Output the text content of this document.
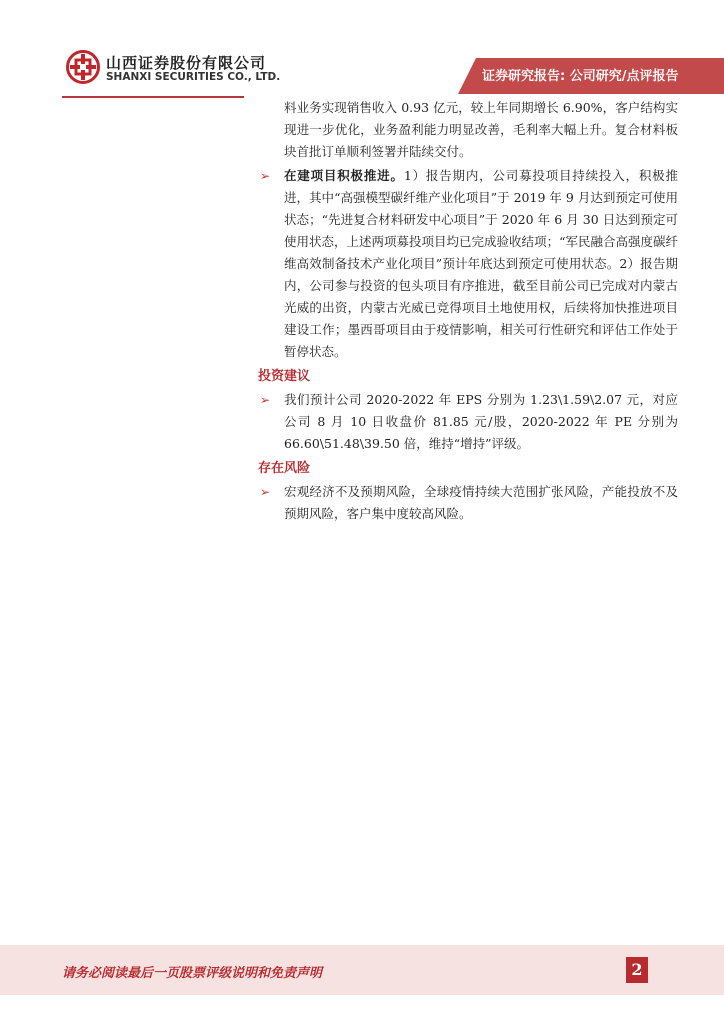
山西证券股份有限公司
SHANXI SECURITIES CO., LTD.	证券研究报告: 公司研究/点评报告

料业务实现销售收入 0.93 亿元，较上年同期增长 6.90%，客户结构实现进一步优化，业务盈利能力明显改善，毛利率大幅上升。复合材料板块首批订单顺利签署并陆续交付。

➢ 在建项目积极推进。1）报告期内，公司募投项目持续投入，积极推进，其中“高强模型碳纤维产业化项目”于 2019 年 9 月达到预定可使用状态；“先进复合材料研发中心项目”于 2020 年 6 月 30 日达到预定可使用状态，上述两项募投项目均已完成验收结项；“军民融合高强度碳纤维高效制备技术产业化项目”预计年底达到预定可使用状态。2）报告期内，公司参与投资的包头项目有序推进，截至目前公司已完成对内蒙古光威的出资，内蒙古光威已竞得项目土地使用权，后续将加快推进项目建设工作；墨西哥项目由于疫情影响，相关可行性研究和评估工作处于暂停状态。

投资建议

➢ 我们预计公司 2020-2022 年 EPS 分别为 1.23\1.59\2.07 元，对应公司 8 月 10 日收盘价 81.85 元/股，2020-2022 年 PE 分别为 66.60\51.48\39.50 倍，维持“增持”评级。

存在风险

➢ 宏观经济不及预期风险，全球疫情持续大范围扩张风险，产能投放不及预期风险，客户集中度较高风险。

请务必阅读最后一页股票评级说明和免责声明	2
